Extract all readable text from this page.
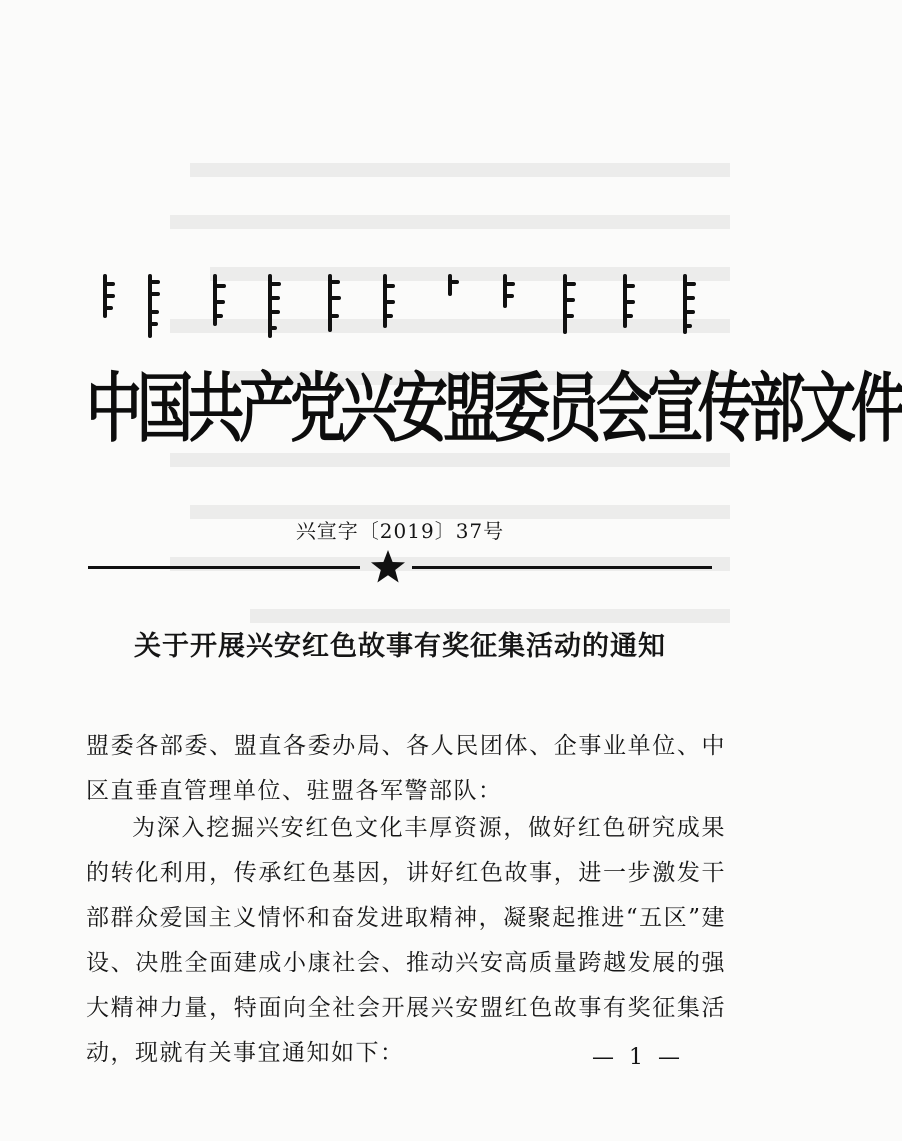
中国共产党兴安盟委员会宣传部文件
兴宣字〔2019〕37号
关于开展兴安红色故事有奖征集活动的通知
盟委各部委、盟直各委办局、各人民团体、企事业单位、中区直垂直管理单位、驻盟各军警部队：
为深入挖掘兴安红色文化丰厚资源，做好红色研究成果的转化利用，传承红色基因，讲好红色故事，进一步激发干部群众爱国主义情怀和奋发进取精神，凝聚起推进“五区”建设、决胜全面建成小康社会、推动兴安高质量跨越发展的强大精神力量，特面向全社会开展兴安盟红色故事有奖征集活动，现就有关事宜通知如下：	— 1 —
